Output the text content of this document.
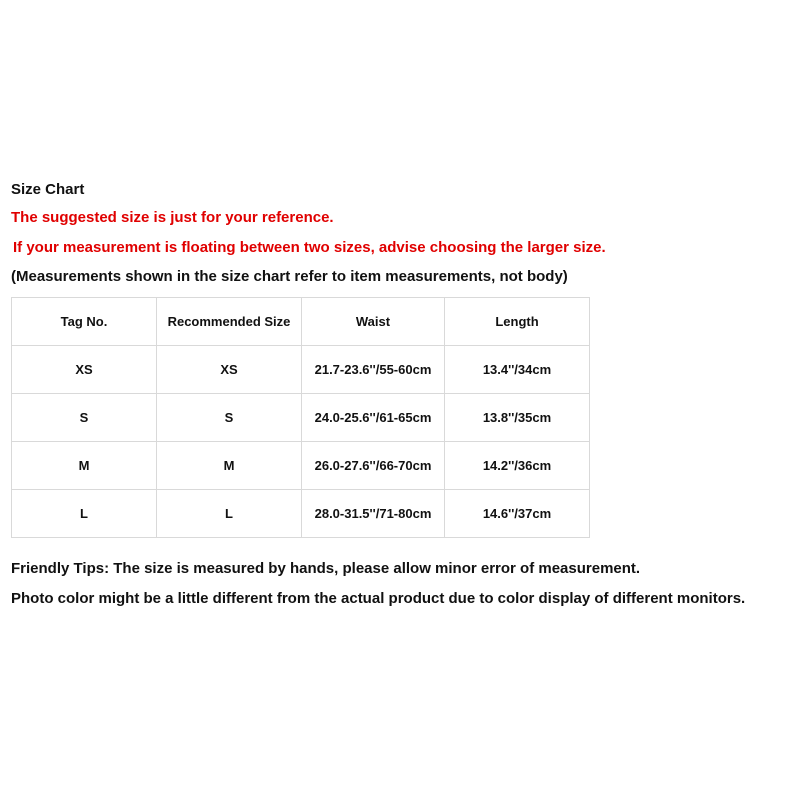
Size Chart
The suggested size is just for your reference.
If your measurement is floating between two sizes, advise choosing the larger size.
(Measurements shown in the size chart refer to item measurements, not body)
Tag No.	Recommended Size	Waist	Length
XS	XS	21.7-23.6''/55-60cm	13.4''/34cm
S	S	24.0-25.6''/61-65cm	13.8''/35cm
M	M	26.0-27.6''/66-70cm	14.2''/36cm
L	L	28.0-31.5''/71-80cm	14.6''/37cm
Friendly Tips: The size is measured by hands, please allow minor error of measurement.
Photo color might be a little different from the actual product due to color display of different monitors.
